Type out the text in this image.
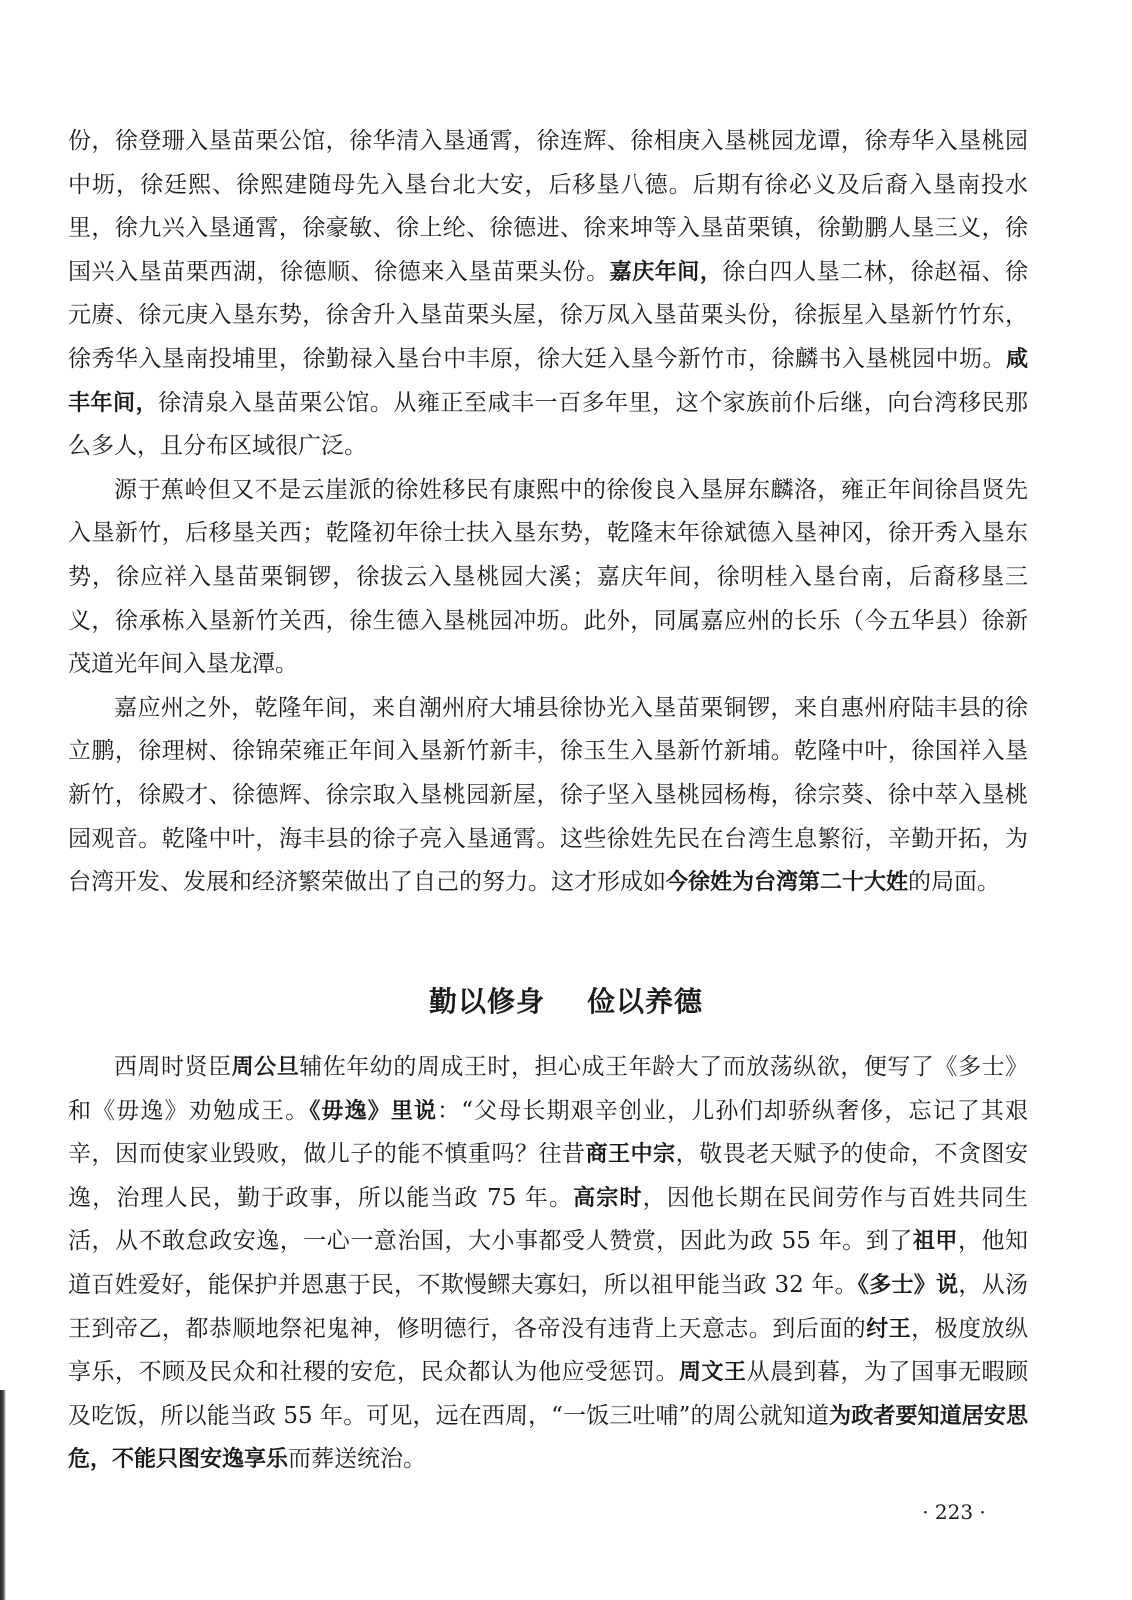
份，徐登珊入垦苗栗公馆，徐华清入垦通霄，徐连辉、徐相庚入垦桃园龙谭，徐寿华入垦桃园中坜，徐廷熙、徐熙建随母先入垦台北大安，后移垦八德。后期有徐必义及后裔入垦南投水里，徐九兴入垦通霄，徐豪敏、徐上纶、徐德进、徐来坤等入垦苗栗镇，徐勤鹏人垦三义，徐国兴入垦苗栗西湖，徐德顺、徐德来入垦苗栗头份。嘉庆年间，徐白四人垦二林，徐赵福、徐元赓、徐元庚入垦东势，徐舍升入垦苗栗头屋，徐万凤入垦苗栗头份，徐振星入垦新竹竹东，徐秀华入垦南投埔里，徐勤禄入垦台中丰原，徐大廷入垦今新竹市，徐麟书入垦桃园中坜。咸丰年间，徐清泉入垦苗栗公馆。从雍正至咸丰一百多年里，这个家族前仆后继，向台湾移民那么多人，且分布区域很广泛。

源于蕉岭但又不是云崖派的徐姓移民有康熙中的徐俊良入垦屏东麟洛，雍正年间徐昌贤先入垦新竹，后移垦关西；乾隆初年徐士扶入垦东势，乾隆末年徐斌德入垦神冈，徐开秀入垦东势，徐应祥入垦苗栗铜锣，徐拔云入垦桃园大溪；嘉庆年间，徐明桂入垦台南，后裔移垦三义，徐承栋入垦新竹关西，徐生德入垦桃园冲坜。此外，同属嘉应州的长乐（今五华县）徐新茂道光年间入垦龙潭。

嘉应州之外，乾隆年间，来自潮州府大埔县徐协光入垦苗栗铜锣，来自惠州府陆丰县的徐立鹏，徐理树、徐锦荣雍正年间入垦新竹新丰，徐玉生入垦新竹新埔。乾隆中叶，徐国祥入垦新竹，徐殿才、徐德辉、徐宗取入垦桃园新屋，徐子坚入垦桃园杨梅，徐宗葵、徐中萃入垦桃园观音。乾隆中叶，海丰县的徐子亮入垦通霄。这些徐姓先民在台湾生息繁衍，辛勤开拓，为台湾开发、发展和经济繁荣做出了自己的努力。这才形成如今徐姓为台湾第二十大姓的局面。

勤以修身 俭以养德

西周时贤臣周公旦辅佐年幼的周成王时，担心成王年龄大了而放荡纵欲，便写了《多士》和《毋逸》劝勉成王。《毋逸》里说：“父母长期艰辛创业，儿孙们却骄纵奢侈，忘记了其艰辛，因而使家业毁败，做儿子的能不慎重吗？往昔商王中宗，敬畏老天赋予的使命，不贪图安逸，治理人民，勤于政事，所以能当政 75 年。高宗时，因他长期在民间劳作与百姓共同生活，从不敢怠政安逸，一心一意治国，大小事都受人赞赏，因此为政 55 年。到了祖甲，他知道百姓爱好，能保护并恩惠于民，不欺慢鳏夫寡妇，所以祖甲能当政 32 年。《多士》说，从汤王到帝乙，都恭顺地祭祀鬼神，修明德行，各帝没有违背上天意志。到后面的纣王，极度放纵享乐，不顾及民众和社稷的安危，民众都认为他应受惩罚。周文王从晨到暮，为了国事无暇顾及吃饭，所以能当政 55 年。可见，远在西周，“一饭三吐哺”的周公就知道为政者要知道居安思危，不能只图安逸享乐而葬送统治。

· 223 ·
